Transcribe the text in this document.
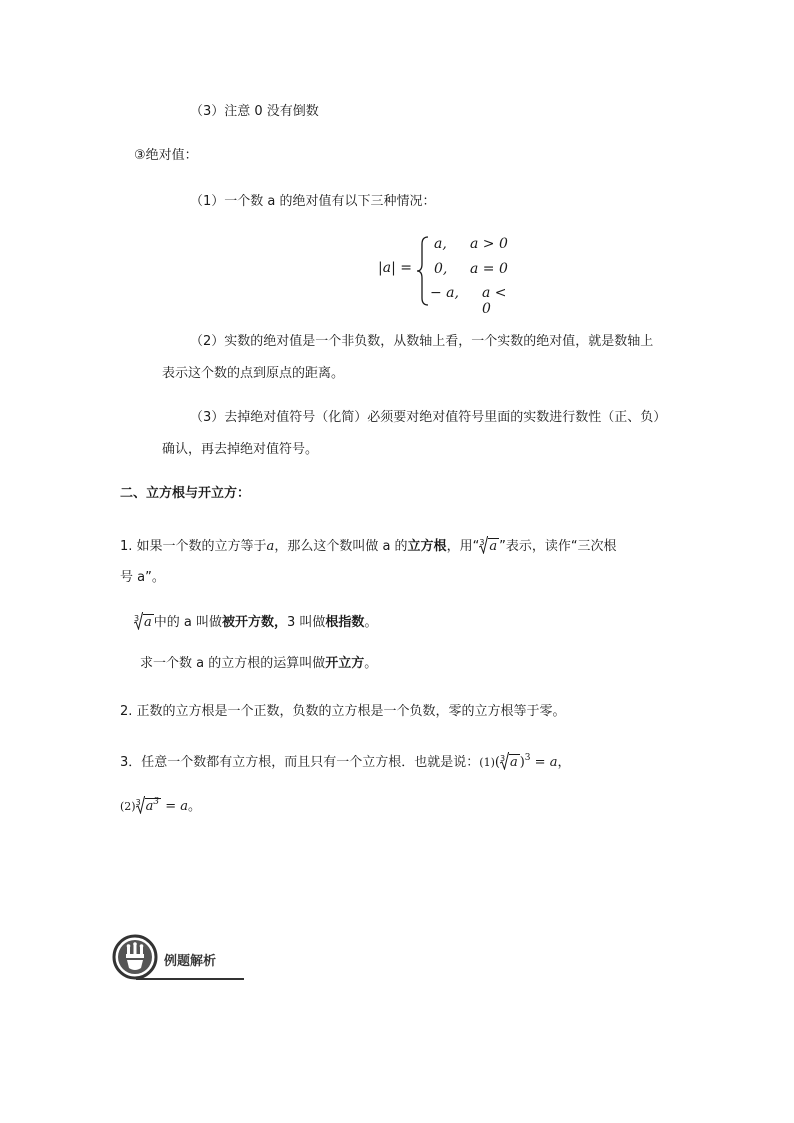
（3）注意 0 没有倒数
③绝对值：
（1）一个数 a 的绝对值有以下三种情况：
|a| =
a, a > 0
0, a = 0
− a, a < 0
（2）实数的绝对值是一个非负数，从数轴上看，一个实数的绝对值，就是数轴上
表示这个数的点到原点的距离。
（3）去掉绝对值符号（化简）必须要对绝对值符号里面的实数进行数性（正、负）
确认，再去掉绝对值符号。
二、立方根与开立方：
1. 如果一个数的立方等于a，那么这个数叫做 a 的立方根，用“ 3 a ”表示，读作“三次根
号 a”。
3 a 中的 a 叫做被开方数，3 叫做根指数。
求一个数 a 的立方根的运算叫做开立方。
2. 正数的立方根是一个正数，负数的立方根是一个负数，零的立方根等于零。
3．任意一个数都有立方根，而且只有一个立方根．也就是说：(1)( 3 a )$^3$ = a，
(2) 3 $a^3 = a$。
例题解析
